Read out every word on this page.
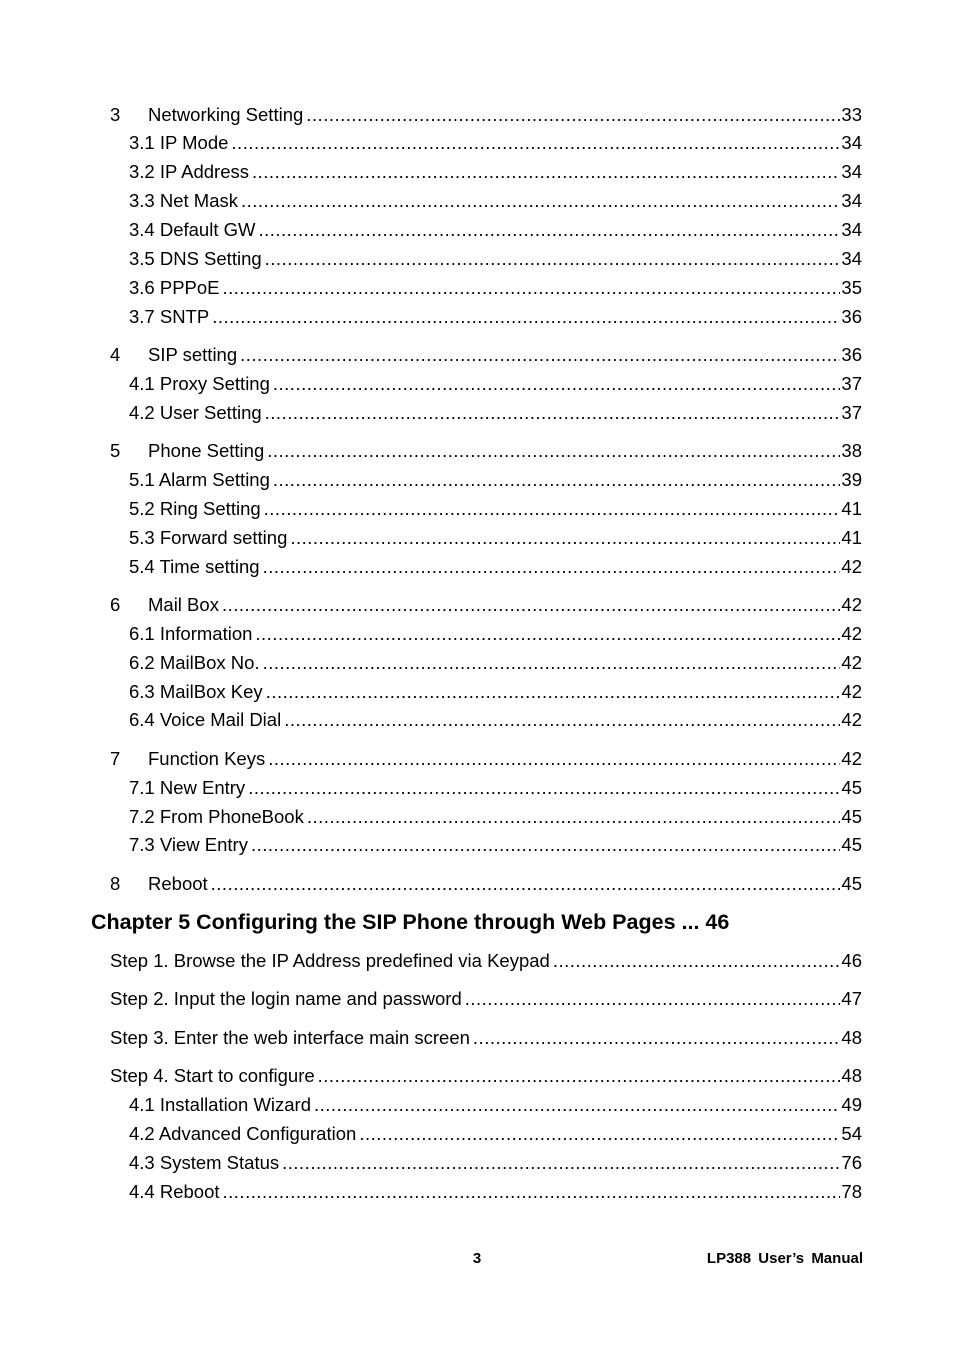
3	Networking Setting .....	33
3.1 IP Mode .....	34
3.2 IP Address .....	34
3.3 Net Mask .....	34
3.4 Default GW .....	34
3.5 DNS Setting .....	34
3.6 PPPoE .....	35
3.7 SNTP .....	36
4	SIP setting .....	36
4.1 Proxy Setting .....	37
4.2 User Setting .....	37
5	Phone Setting .....	38
5.1 Alarm Setting .....	39
5.2 Ring Setting .....	41
5.3 Forward setting .....	41
5.4 Time setting .....	42
6	Mail Box .....	42
6.1 Information .....	42
6.2 MailBox No. .....	42
6.3 MailBox Key .....	42
6.4 Voice Mail Dial .....	42
7	Function Keys .....	42
7.1 New Entry .....	45
7.2 From PhoneBook .....	45
7.3 View Entry .....	45
8	Reboot .....	45
Chapter 5 Configuring the SIP Phone through Web Pages ... 46
Step 1. Browse the IP Address predefined via Keypad .....	46
Step 2. Input the login name and password .....	47
Step 3. Enter the web interface main screen .....	48
Step 4. Start to configure .....	48
4.1 Installation Wizard .....	49
4.2 Advanced Configuration .....	54
4.3 System Status .....	76
4.4 Reboot .....	78
3	LP388 User’s Manual
